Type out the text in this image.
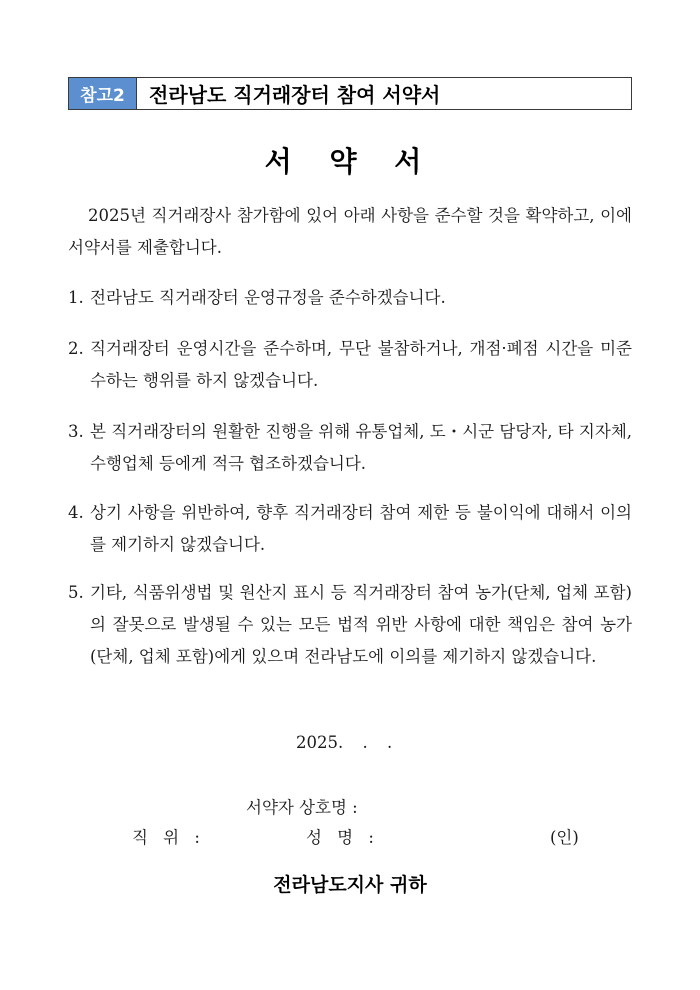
참고2	전라남도 직거래장터 참여 서약서
서 약 서
2025년 직거래장사 참가함에 있어 아래 사항을 준수할 것을 확약하고, 이에 서약서를 제출합니다.
1. 전라남도 직거래장터 운영규정을 준수하겠습니다.
2. 직거래장터 운영시간을 준수하며, 무단 불참하거나, 개점·폐점 시간을 미준수하는 행위를 하지 않겠습니다.
3. 본 직거래장터의 원활한 진행을 위해 유통업체, 도・시군 담당자, 타 지자체, 수행업체 등에게 적극 협조하겠습니다.
4. 상기 사항을 위반하여, 향후 직거래장터 참여 제한 등 불이익에 대해서 이의를 제기하지 않겠습니다.
5. 기타, 식품위생법 및 원산지 표시 등 직거래장터 참여 농가(단체, 업체 포함)의 잘못으로 발생될 수 있는 모든 법적 위반 사항에 대한 책임은 참여 농가(단체, 업체 포함)에게 있으며 전라남도에 이의를 제기하지 않겠습니다.
2025. . .
서약자 상호명 :
직 위 :	성 명 :	(인)
전라남도지사 귀하
